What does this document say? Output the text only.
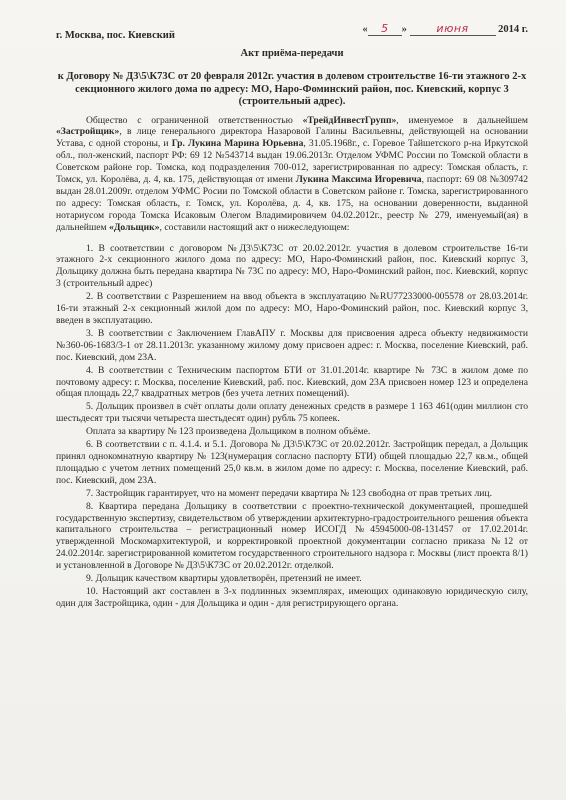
г. Москва, пос. Киевский
« 5 »	июня	2014 г.
Акт приёма-передачи
к Договору № Д3\5\К73С от 20 февраля 2012г. участия в долевом строительстве 16-ти этажного 2-х секционного жилого дома по адресу: МО, Наро-Фоминский район, пос. Киевский, корпус 3 (строительный адрес).

Общество с ограниченной ответственностью «ТрейдИнвестГрупп», именуемое в дальнейшем «Застройщик», в лице генерального директора Назаровой Галины Васильевны, действующей на основании Устава, с одной стороны, и Гр. Лукина Марина Юрьевна, 31.05.1968г., с. Горевое Тайшетского р-на Иркутской обл., пол-женский, паспорт РФ: 69 12 №543714 выдан 19.06.2013г. Отделом УФМС России по Томской области в Советском районе гор. Томска, код подразделения 700-012, зарегистрированная по адресу: Томская область, г. Томск, ул. Королёва, д. 4, кв. 175, действующая от имени Лукина Максима Игоревича, паспорт: 69 08 №309742 выдан 28.01.2009г. отделом УФМС Росии по Томской области в Советском районе г. Томска, зарегистрированного по адресу: Томская область, г. Томск, ул. Королёва, д. 4, кв. 175, на основании доверенности, выданной нотариусом города Томска Исаковым Олегом Владимировичем 04.02.2012г., реестр № 279, именуемый(ая) в дальнейшем «Дольщик», составили настоящий акт о нижеследующем:

1. В соответствии с договором №Д3\5\К73С от 20.02.2012г. участия в долевом строительстве 16-ти этажного 2-х секционного жилого дома по адресу: МО, Наро-Фоминский район, пос. Киевский корпус 3, Дольщику должна быть передана квартира № 73С по адресу: МО, Наро-Фоминский район, пос. Киевский, корпус 3 (строительный адрес)

2. В соответствии с Разрешением на ввод объекта в эксплуатацию №RU77233000-005578 от 28.03.2014г. 16-ти этажный 2-х секционный жилой дом по адресу: МО, Наро-Фоминский район, пос. Киевский корпус 3, введен в эксплуатацию.

3. В соответствии с Заключением ГлавАПУ г. Москвы для присвоения адреса объекту недвижимости №360-06-1683/3-1 от 28.11.2013г. указанному жилому дому присвоен адрес: г. Москва, поселение Киевский, раб. пос. Киевский, дом 23А.

4. В соответствии с Техническим паспортом БТИ от 31.01.2014г. квартире № 73С в жилом доме по почтовому адресу: г. Москва, поселение Киевский, раб. пос. Киевский, дом 23А присвоен номер 123 и определена общая площадь 22,7 квадратных метров (без учета летних помещений).

5. Дольщик произвел в счёт оплаты доли оплату денежных средств в размере 1 163 461(один миллион сто шестьдесят три тысячи четыреста шестьдесят один) рубль 75 копеек.

Оплата за квартиру № 123 произведена Дольщиком в полном объёме.

6. В соответствии с п. 4.1.4. и 5.1. Договора № Д3\5\К73С от 20.02.2012г. Застройщик передал, а Дольщик принял однокомнатную квартиру № 123(нумерация согласно паспорту БТИ) общей площадью 22,7 кв.м., общей площадью с учетом летних помещений 25,0 кв.м. в жилом доме по адресу: г. Москва, поселение Киевский, раб. пос. Киевский, дом 23А.

7. Застройщик гарантирует, что на момент передачи квартира № 123 свободна от прав третьих лиц.

8. Квартира передана Дольщику в соответствии с проектно-технической документацией, прошедшей государственную экспертизу, свидетельством об утверждении архитектурно-градостроительного решения объекта капитального строительства – регистрационный номер ИСОГД №45945000-08-131457 от 17.02.2014г. утвержденной Москомархитектурой, и корректировкой проектной документации согласно приказа №12 от 24.02.2014г. зарегистрированной комитетом государственного строительного надзора г. Москвы (лист проекта 8/1) и установленной в Договоре № Д3\5\К73С от 20.02.2012г. отделкой.

9. Дольщик качеством квартиры удовлетворён, претензий не имеет.

10. Настоящий акт составлен в 3-х подлинных экземплярах, имеющих одинаковую юридическую силу, один для Застройщика, один - для Дольщика и один - для регистрирующего органа.
